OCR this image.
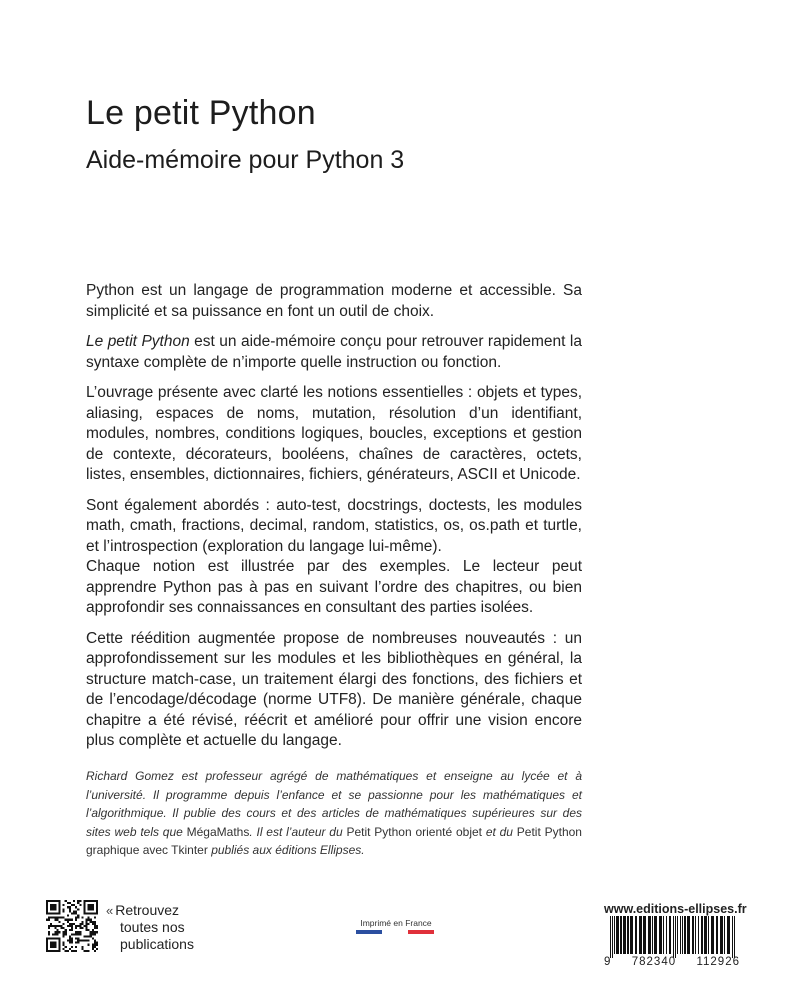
Le petit Python
Aide-mémoire pour Python 3

Python est un langage de programmation moderne et accessible. Sa simplicité et sa puissance en font un outil de choix.

Le petit Python est un aide-mémoire conçu pour retrouver rapidement la syntaxe complète de n’importe quelle instruction ou fonction.

L’ouvrage présente avec clarté les notions essentielles : objets et types, aliasing, espaces de noms, mutation, résolution d’un identifiant, modules, nombres, conditions logiques, boucles, exceptions et gestion de contexte, décorateurs, booléens, chaînes de caractères, octets, listes, ensembles, dictionnaires, fichiers, générateurs, ASCII et Unicode.

Sont également abordés : auto-test, docstrings, doctests, les modules math, cmath, fractions, decimal, random, statistics, os, os.path et turtle, et l’introspection (exploration du langage lui-même).

Chaque notion est illustrée par des exemples. Le lecteur peut apprendre Python pas à pas en suivant l’ordre des chapitres, ou bien approfondir ses connaissances en consultant des parties isolées.

Cette réédition augmentée propose de nombreuses nouveautés : un approfondissement sur les modules et les bibliothèques en général, la structure match-case, un traitement élargi des fonctions, des fichiers et de l’encodage/décodage (norme UTF8). De manière générale, chaque chapitre a été révisé, réécrit et amélioré pour offrir une vision encore plus complète et actuelle du langage.

Richard Gomez est professeur agrégé de mathématiques et enseigne au lycée et à l’université. Il programme depuis l’enfance et se passionne pour les mathématiques et l’algorithmique. Il publie des cours et des articles de mathématiques supérieures sur des sites web tels que MégaMaths. Il est l’auteur du Petit Python orienté objet et du Petit Python graphique avec Tkinter publiés aux éditions Ellipses.
« Retrouvez
toutes nos
publications
Imprimé en France
www.editions-ellipses.fr
9 782340 112926
